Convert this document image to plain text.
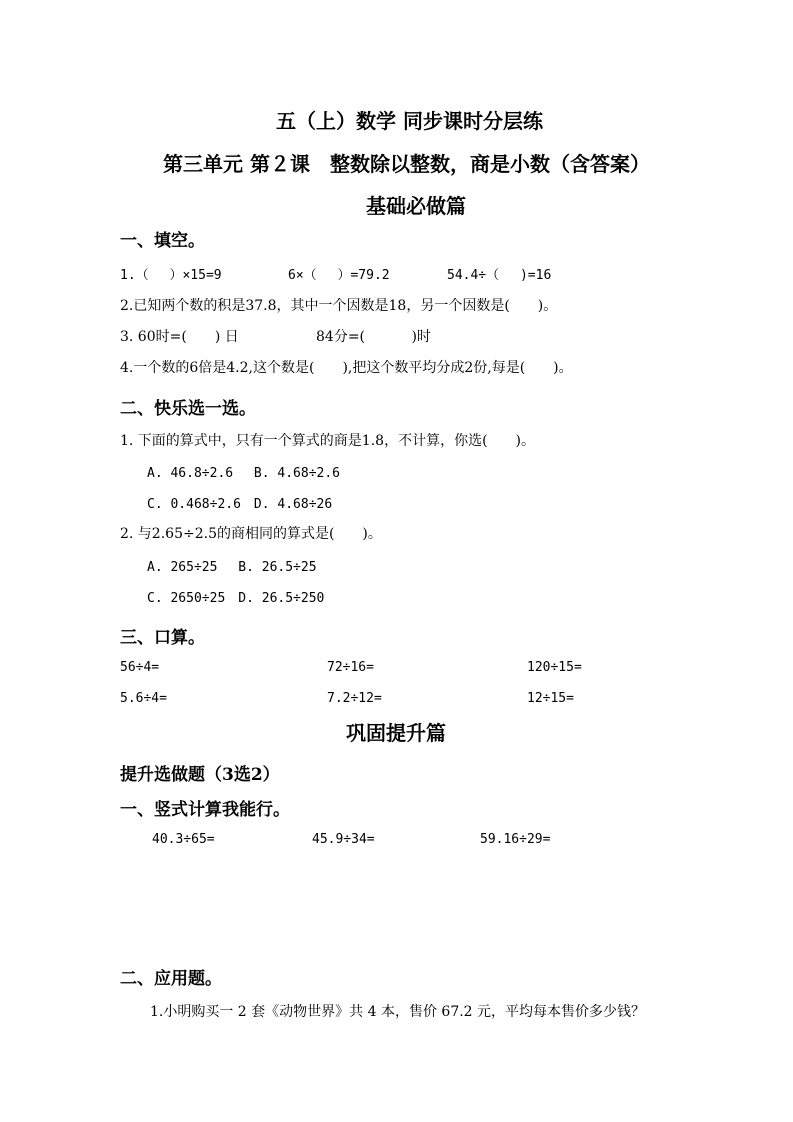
五（上）数学 同步课时分层练
第三单元 第２课　整数除以整数，商是小数（含答案）
基础必做篇
一、填空。
1.（　 ）×15=9	6×（　 ）=79.2	54.4÷（　 )=16
2.已知两个数的积是37.8，其中一个因数是18，另一个因数是(　　)。
3. 60时=(　　) 日	84分=(　　　 )时
4.一个数的6倍是4.2,这个数是(　　),把这个数平均分成2份,每是(　　)。
二、快乐选一选。
1. 下面的算式中，只有一个算式的商是1.8，不计算，你选(　　)。
A. 46.8÷2.6　 B. 4.68÷2.6
C. 0.468÷2.6　D. 4.68÷26
2. 与2.65÷2.5的商相同的算式是(　　)。
A. 265÷25　 B. 26.5÷25
C. 2650÷25　D. 26.5÷250
三、口算。
56÷4=	72÷16=	120÷15=
5.6÷4=	7.2÷12=	12÷15=
巩固提升篇
提升选做题（3选2）
一、竖式计算我能行。
40.3÷65=	45.9÷34=	59.16÷29=
二、应用题。
1.小明购买一 2 套《动物世界》共 4 本，售价 67.2 元，平均每本售价多少钱？
